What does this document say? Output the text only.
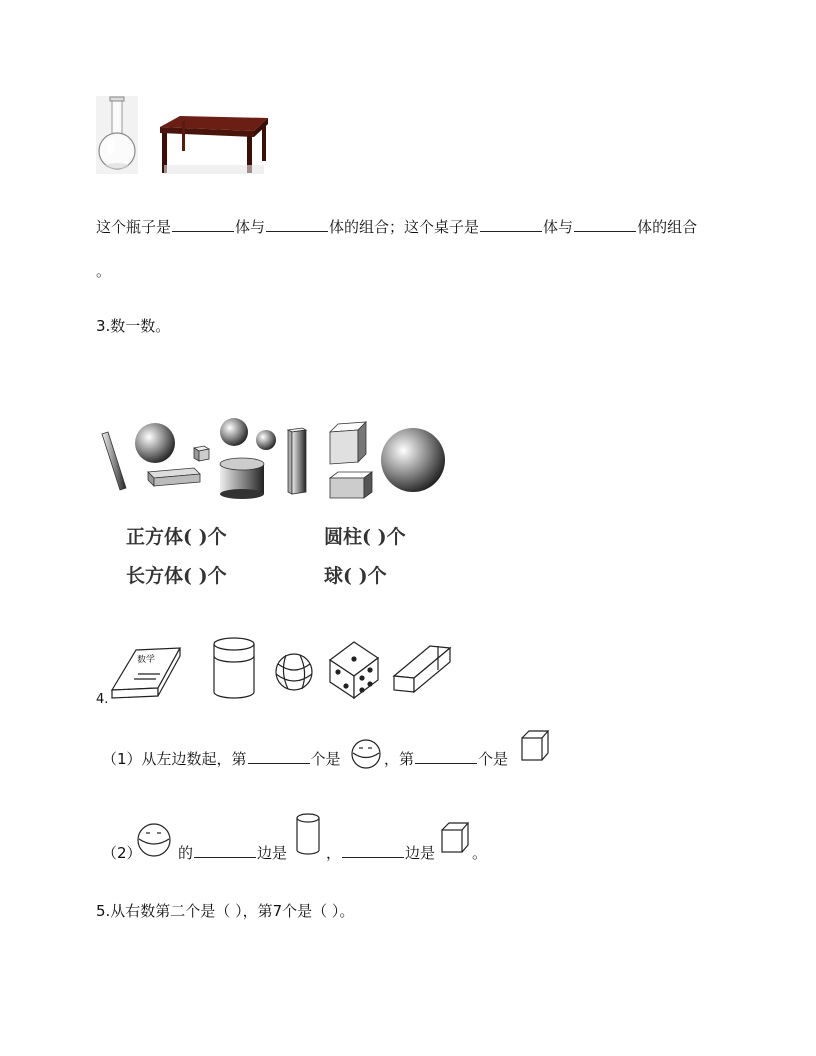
这个瓶子是	体与	体的组合；这个桌子是	体与	体的组合
。
3.数一数。
正方体( )个	圆柱( )个
长方体( )个	球( )个
数学
4.
（1）从左边数起，第	个是	，第	个是
（2） 的	边是	，	边是 。
5.从右数第二个是（ ），第7个是（ ）。
